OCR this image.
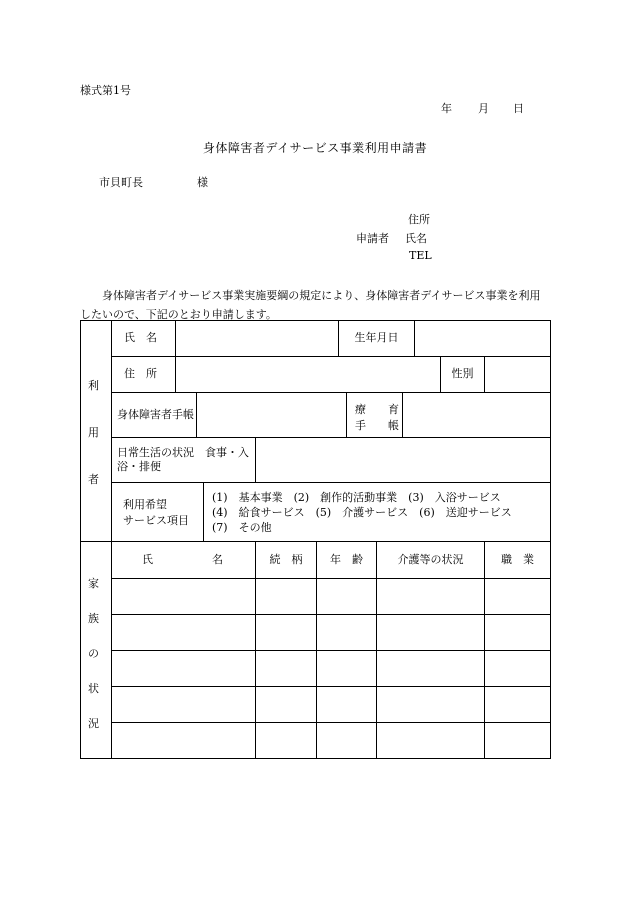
様式第1号
年 月 日
身体障害者デイサービス事業利用申請書
市貝町長	様
住所
申請者 氏名
TEL
身体障害者デイサービス事業実施要綱の規定により、身体障害者デイサービス事業を利用したいので、下記のとおり申請します。
利
用
者
氏　名	生年月日
住　所	性別
身体障害者手帳	療　　育
手　　帳
日常生活の状況　食事・入浴・排便
利用希望
サービス項目
(1)　基本事業　(2)　創作的活動事業　(3)　入浴サービス
(4)　給食サービス　(5)　介護サービス　(6)　送迎サービス
(7)　その他
家
族
の
状
況
氏	名	続　柄	年　齢	介護等の状況	職　業
